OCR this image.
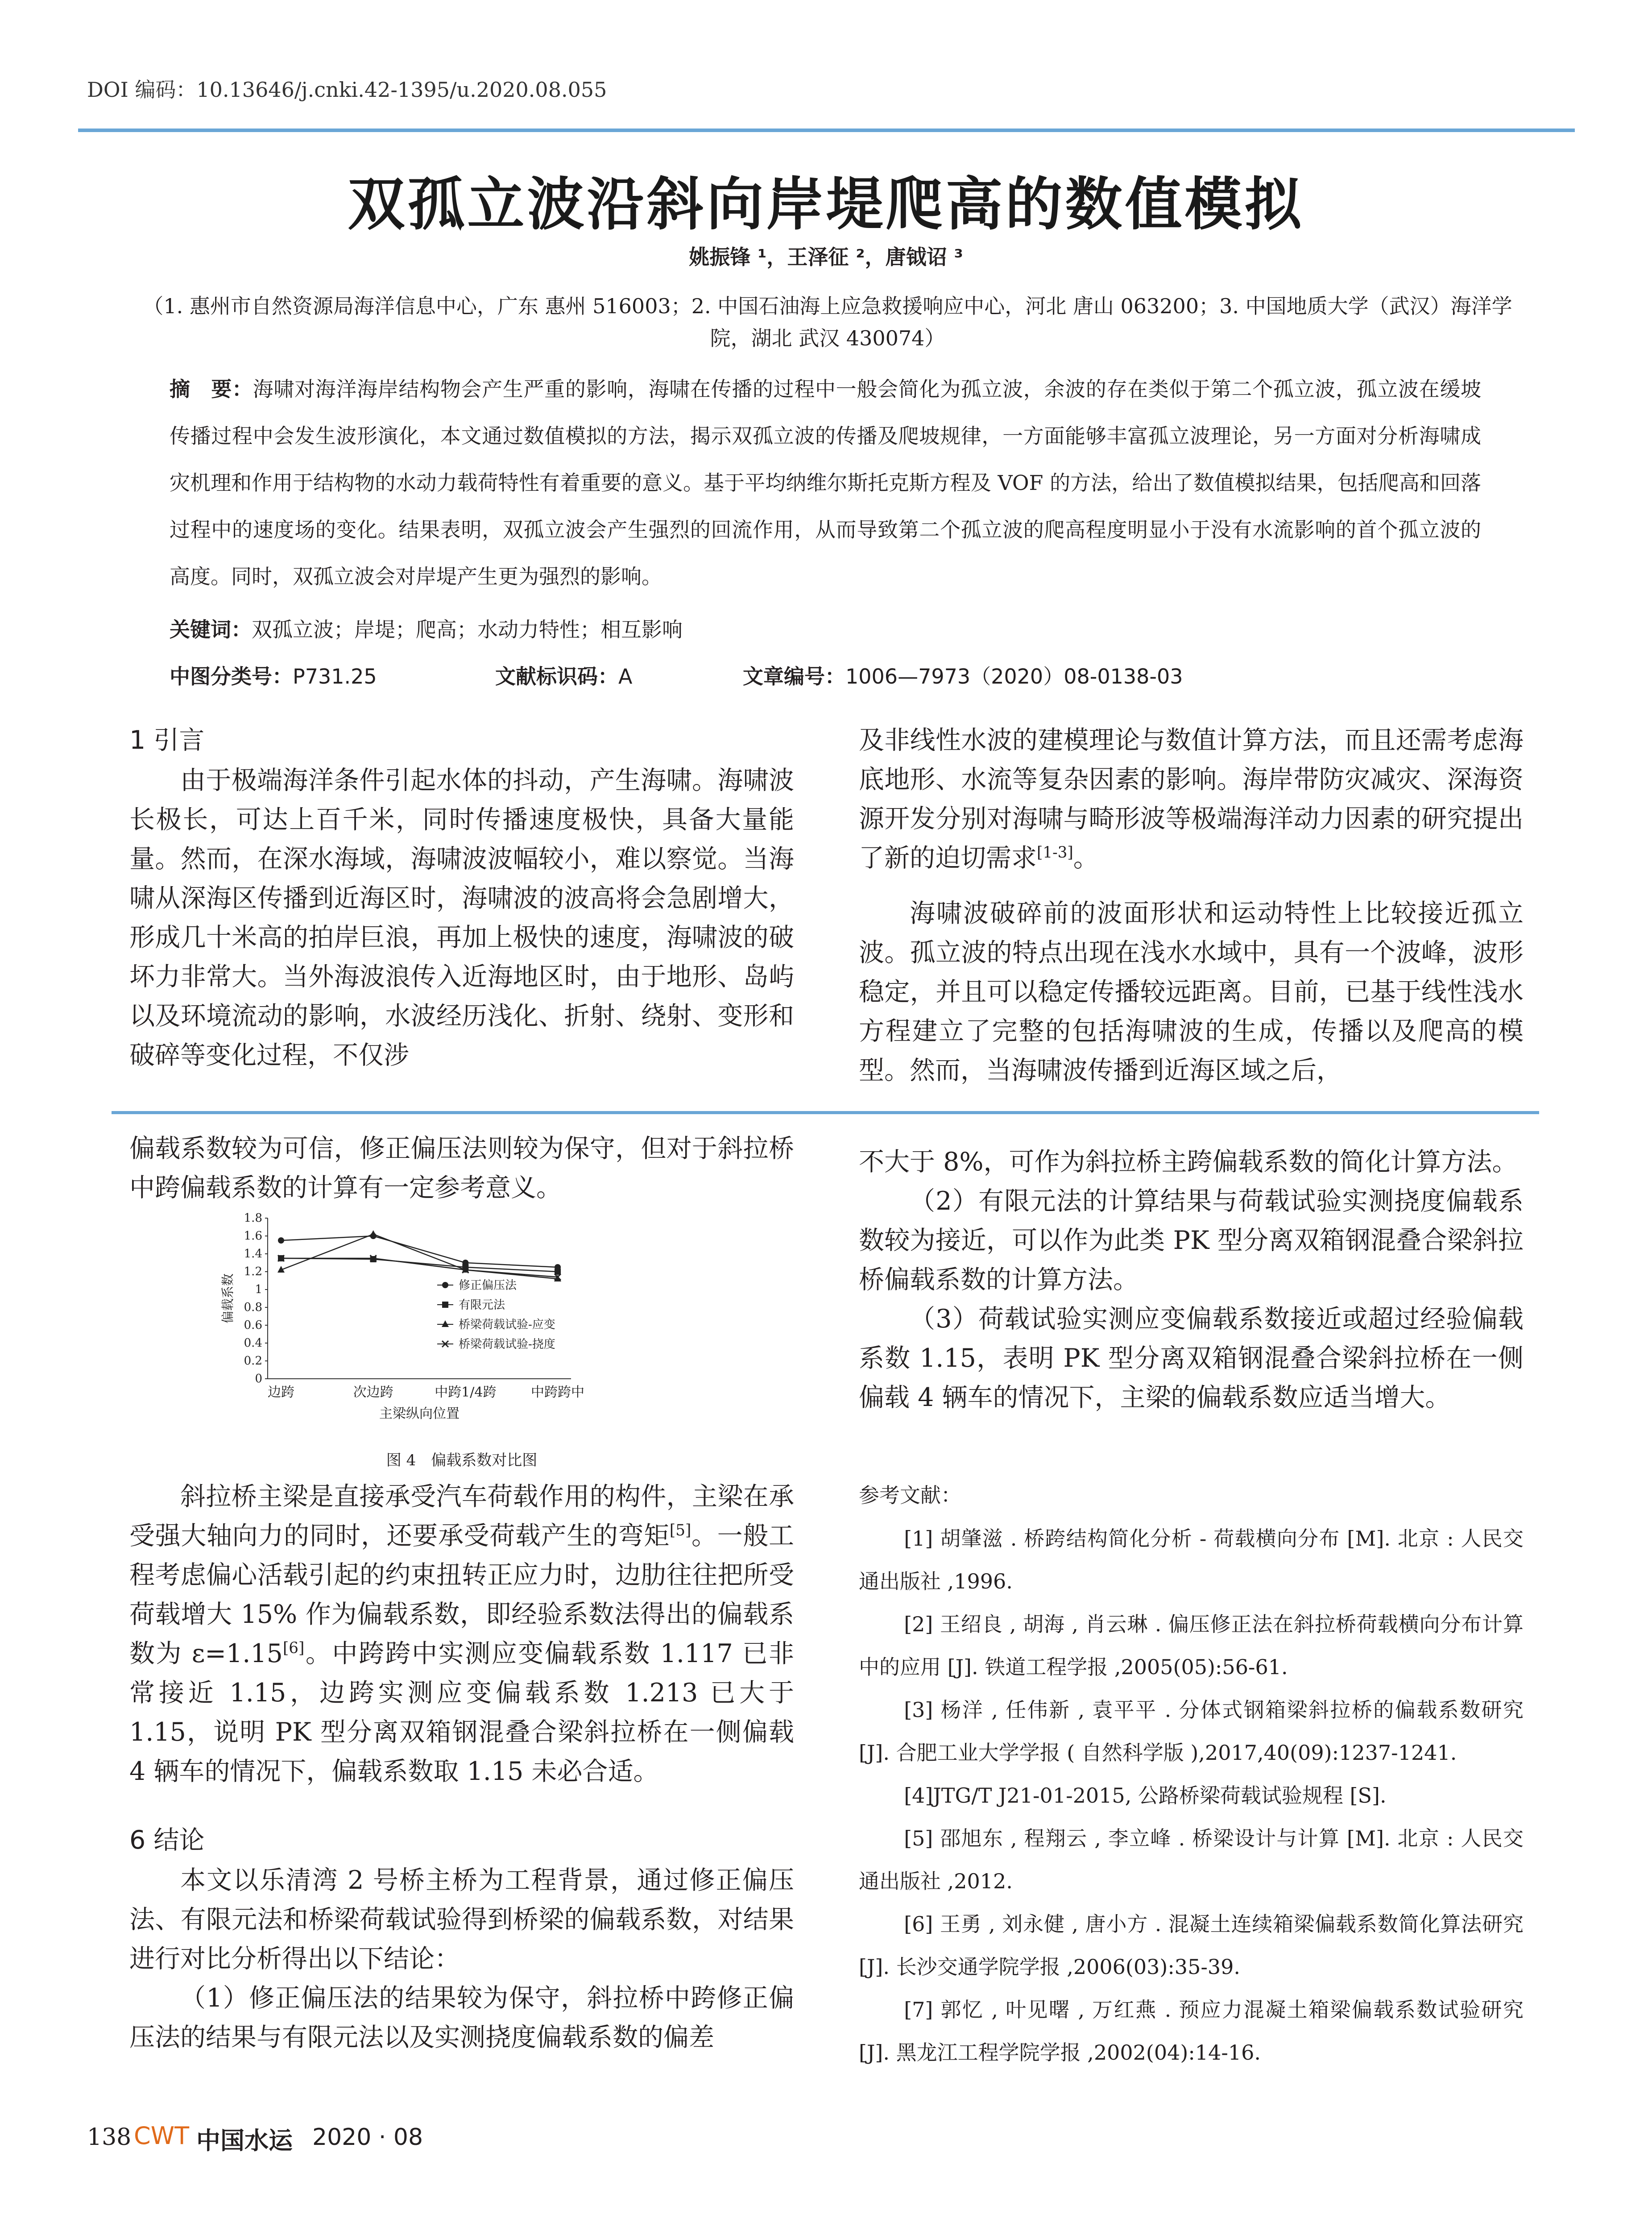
DOI 编码：10.13646/j.cnki.42-1395/u.2020.08.055
双孤立波沿斜向岸堤爬高的数值模拟
姚振锋 ¹，王泽征 ²，唐钺诏 ³
（1. 惠州市自然资源局海洋信息中心，广东 惠州 516003；2. 中国石油海上应急救援响应中心，河北 唐山 063200；3. 中国地质大学（武汉）海洋学院，湖北 武汉 430074）
摘　要：海啸对海洋海岸结构物会产生严重的影响，海啸在传播的过程中一般会简化为孤立波，余波的存在类似于第二个孤立波，孤立波在缓坡传播过程中会发生波形演化，本文通过数值模拟的方法，揭示双孤立波的传播及爬坡规律，一方面能够丰富孤立波理论，另一方面对分析海啸成灾机理和作用于结构物的水动力载荷特性有着重要的意义。基于平均纳维尔斯托克斯方程及 VOF 的方法，给出了数值模拟结果，包括爬高和回落过程中的速度场的变化。结果表明，双孤立波会产生强烈的回流作用，从而导致第二个孤立波的爬高程度明显小于没有水流影响的首个孤立波的高度。同时，双孤立波会对岸堤产生更为强烈的影响。
关键词：双孤立波；岸堤；爬高；水动力特性；相互影响
中图分类号：P731.25	文献标识码：A	文章编号：1006—7973（2020）08-0138-03
1 引言

由于极端海洋条件引起水体的抖动，产生海啸。海啸波长极长，可达上百千米，同时传播速度极快，具备大量能量。然而，在深水海域，海啸波波幅较小，难以察觉。当海啸从深海区传播到近海区时，海啸波的波高将会急剧增大，形成几十米高的拍岸巨浪，再加上极快的速度，海啸波的破坏力非常大。当外海波浪传入近海地区时，由于地形、岛屿以及环境流动的影响，水波经历浅化、折射、绕射、变形和破碎等变化过程，不仅涉

及非线性水波的建模理论与数值计算方法，而且还需考虑海底地形、水流等复杂因素的影响。海岸带防灾减灾、深海资源开发分别对海啸与畸形波等极端海洋动力因素的研究提出了新的迫切需求[1-3]。

海啸波破碎前的波面形状和运动特性上比较接近孤立波。孤立波的特点出现在浅水水域中，具有一个波峰，波形稳定，并且可以稳定传播较远距离。目前，已基于线性浅水方程建立了完整的包括海啸波的生成，传播以及爬高的模型。然而，当海啸波传播到近海区域之后，

偏载系数较为可信，修正偏压法则较为保守，但对于斜拉桥中跨偏载系数的计算有一定参考意义。

0
0.2
0.4
0.6
0.8
1
1.2
1.4
1.6
1.8
边跨	次边跨	中跨1/4跨	中跨跨中
主梁纵向位置
偏载系数	修正偏压法
有限元法
桥梁荷载试验-应变
桥梁荷载试验-挠度
图 4　偏载系数对比图

斜拉桥主梁是直接承受汽车荷载作用的构件，主梁在承受强大轴向力的同时，还要承受荷载产生的弯矩[5]。一般工程考虑偏心活载引起的约束扭转正应力时，边肋往往把所受荷载增大 15% 作为偏载系数，即经验系数法得出的偏载系数为 ε=1.15[6]。中跨跨中实测应变偏载系数 1.117 已非常接近 1.15，边跨实测应变偏载系数 1.213 已大于 1.15，说明 PK 型分离双箱钢混叠合梁斜拉桥在一侧偏载 4 辆车的情况下，偏载系数取 1.15 未必合适。

6 结论

本文以乐清湾 2 号桥主桥为工程背景，通过修正偏压法、有限元法和桥梁荷载试验得到桥梁的偏载系数，对结果进行对比分析得出以下结论：

（1）修正偏压法的结果较为保守，斜拉桥中跨修正偏压法的结果与有限元法以及实测挠度偏载系数的偏差

不大于 8%，可作为斜拉桥主跨偏载系数的简化计算方法。

（2）有限元法的计算结果与荷载试验实测挠度偏载系数较为接近，可以作为此类 PK 型分离双箱钢混叠合梁斜拉桥偏载系数的计算方法。

（3）荷载试验实测应变偏载系数接近或超过经验偏载系数 1.15，表明 PK 型分离双箱钢混叠合梁斜拉桥在一侧偏载 4 辆车的情况下，主梁的偏载系数应适当增大。

参考文献：

[1] 胡肇滋 . 桥跨结构简化分析 - 荷载横向分布 [M]. 北京 : 人民交通出版社 ,1996.

[2] 王绍良 , 胡海 , 肖云琳 . 偏压修正法在斜拉桥荷载横向分布计算中的应用 [J]. 铁道工程学报 ,2005(05):56-61.

[3] 杨洋 , 任伟新 , 袁平平 . 分体式钢箱梁斜拉桥的偏载系数研究 [J]. 合肥工业大学学报 ( 自然科学版 ),2017,40(09):1237-1241.

[4]JTG/T J21-01-2015, 公路桥梁荷载试验规程 [S].

[5] 邵旭东 , 程翔云 , 李立峰 . 桥梁设计与计算 [M]. 北京 : 人民交通出版社 ,2012.

[6] 王勇 , 刘永健 , 唐小方 . 混凝土连续箱梁偏载系数简化算法研究 [J]. 长沙交通学院学报 ,2006(03):35-39.

[7] 郭忆 , 叶见曙 , 万红燕 . 预应力混凝土箱梁偏载系数试验研究 [J]. 黑龙江工程学院学报 ,2002(04):14-16.

138 CWT 中国水运 2020 · 08
